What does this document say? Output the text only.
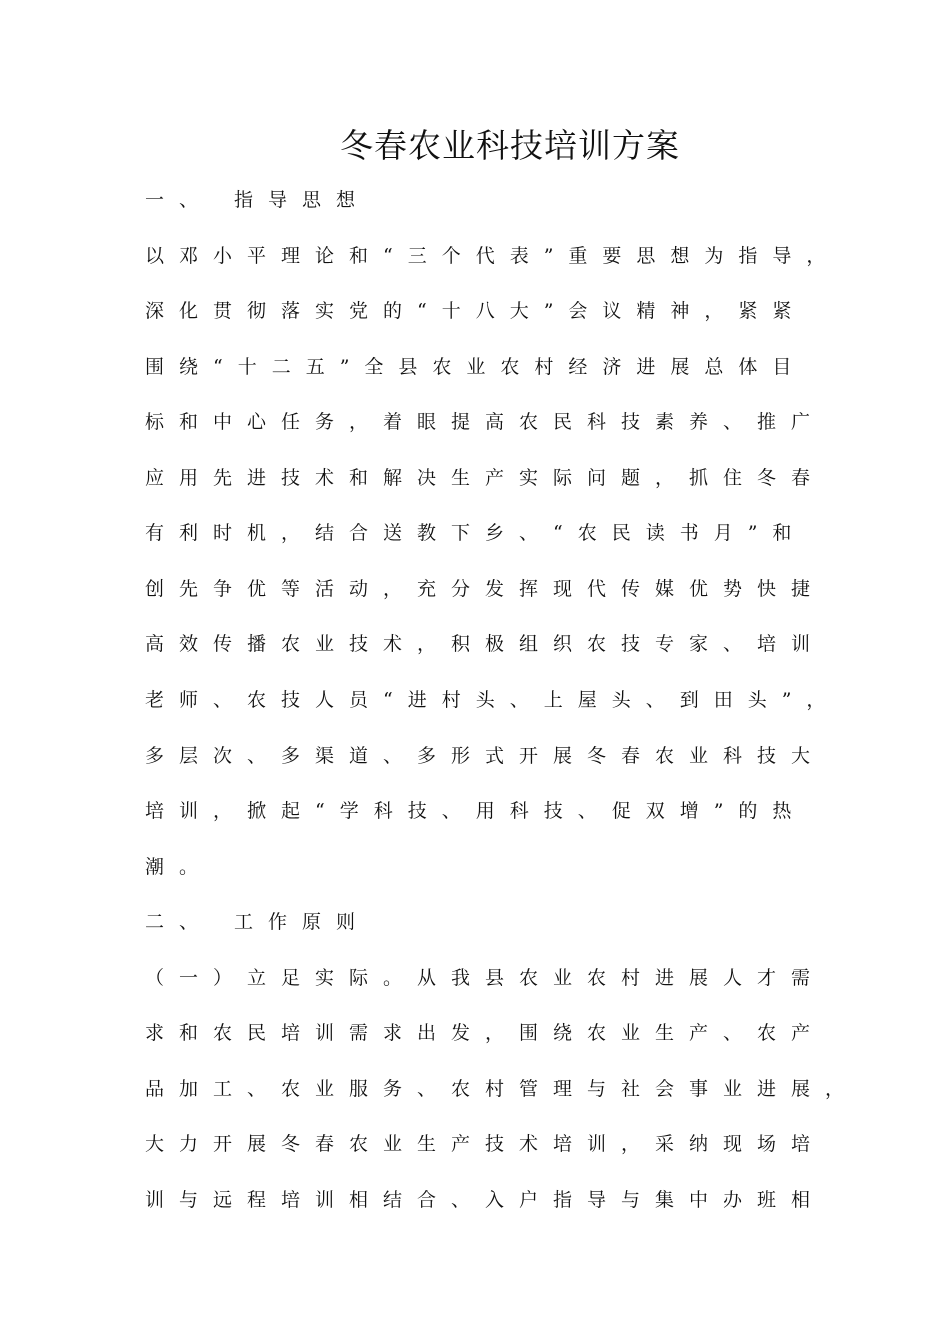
冬春农业科技培训方案
一、 指导思想
以邓小平理论和“三个代表”重要思想为指导，
深化贯彻落实党的“十八大”会议精神，紧紧
围绕“十二五”全县农业农村经济进展总体目
标和中心任务，着眼提高农民科技素养、推广
应用先进技术和解决生产实际问题，抓住冬春
有利时机，结合送教下乡、“农民读书月”和
创先争优等活动，充分发挥现代传媒优势快捷
高效传播农业技术，积极组织农技专家、培训
老师、农技人员“进村头、上屋头、到田头”，
多层次、多渠道、多形式开展冬春农业科技大
培训，掀起“学科技、用科技、促双增”的热
潮。
二、 工作原则
（一）立足实际。从我县农业农村进展人才需
求和农民培训需求出发，围绕农业生产、农产
品加工、农业服务、农村管理与社会事业进展，
大力开展冬春农业生产技术培训，采纳现场培
训与远程培训相结合、入户指导与集中办班相
